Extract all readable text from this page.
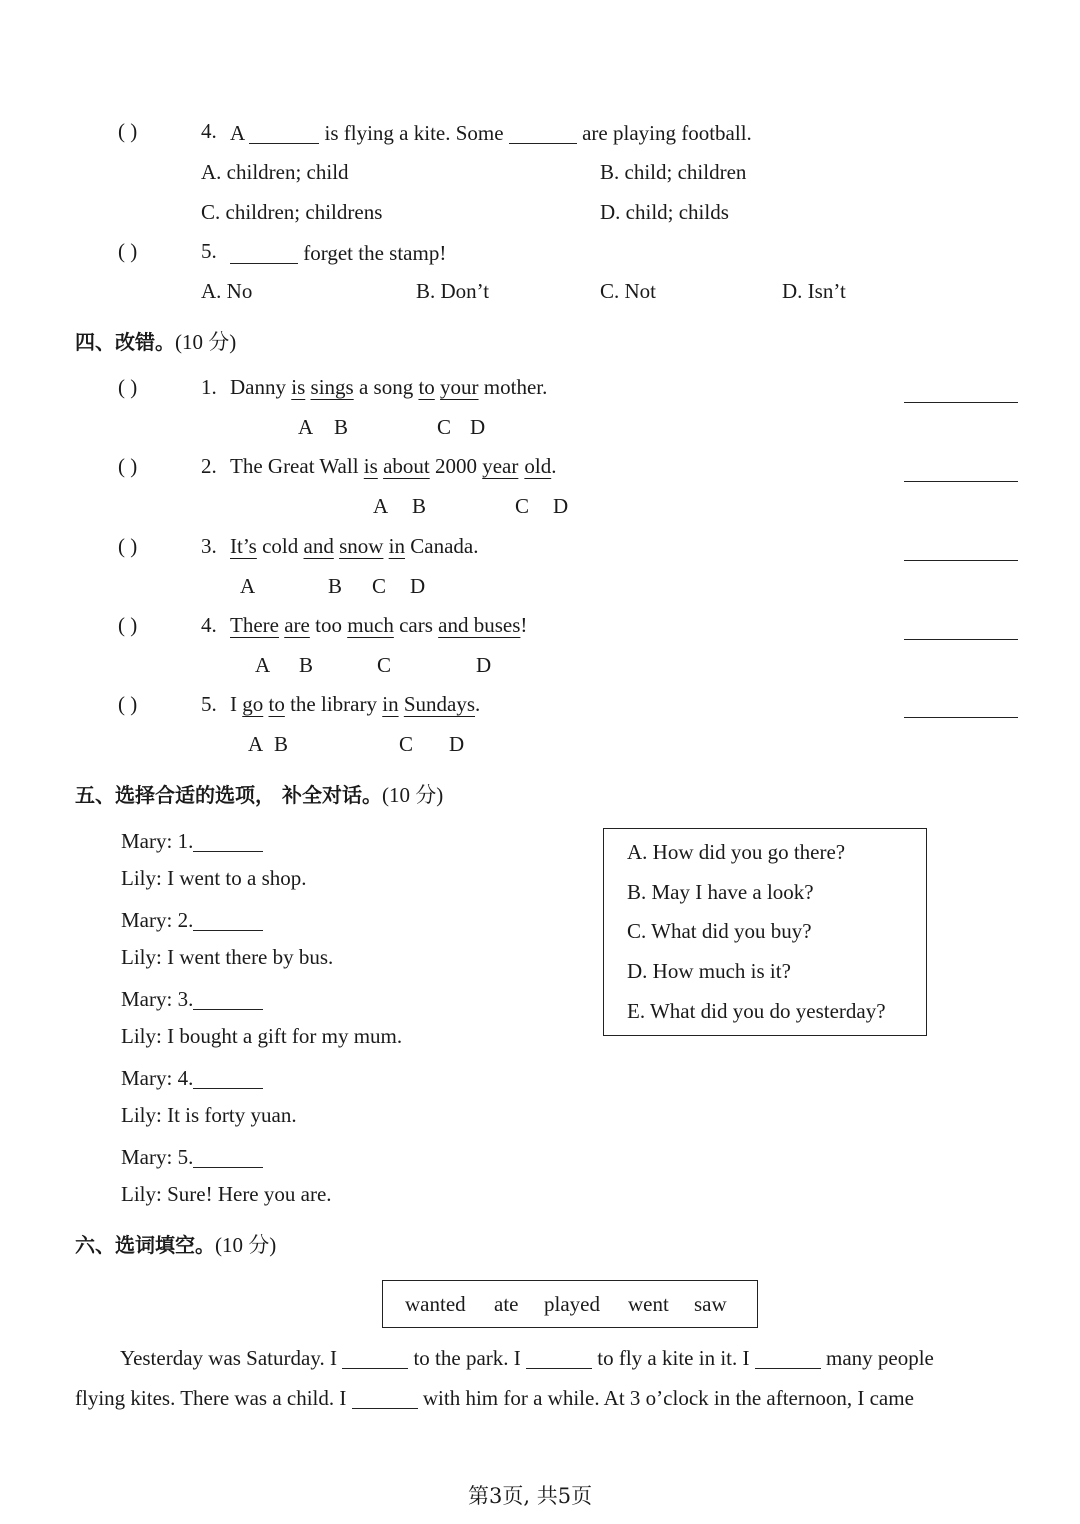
( )	4. A	is flying a kite. Some	are playing football.
A. children; child	B. child; children
C. children; childrens	D. child; childs
( )	5.	forget the stamp!
A. No	B. Don’t	C. Not	D. Isn’t
四、改错。(10 分)
( )	1. Danny is sings a song to your mother.
A B	C D
( )	2. The Great Wall is about 2000 year old.
A B	C D
( )	3. It’s cold and snow in Canada.
A	B C D
( )	4. There are too much cars and buses!
A B	C	D
( )	5. I go to the library in Sundays.
A B	C D
五、选择合适的选项， 补全对话。(10 分)
Mary: 1.
Lily: I went to a shop.
Mary: 2.
Lily: I went there by bus.
Mary: 3.
Lily: I bought a gift for my mum.
Mary: 4.
Lily: It is forty yuan.
Mary: 5.
Lily: Sure! Here you are.
A. How did you go there?
B. May I have a look?
C. What did you buy?
D. How much is it?
E. What did you do yesterday?
六、选词填空。(10 分)
wanted ate played went saw
Yesterday was Saturday. I	to the park. I	to fly a kite in it. I	many people
flying kites. There was a child. I	with him for a while. At 3 o’clock in the afternoon, I came
第3页, 共5页
